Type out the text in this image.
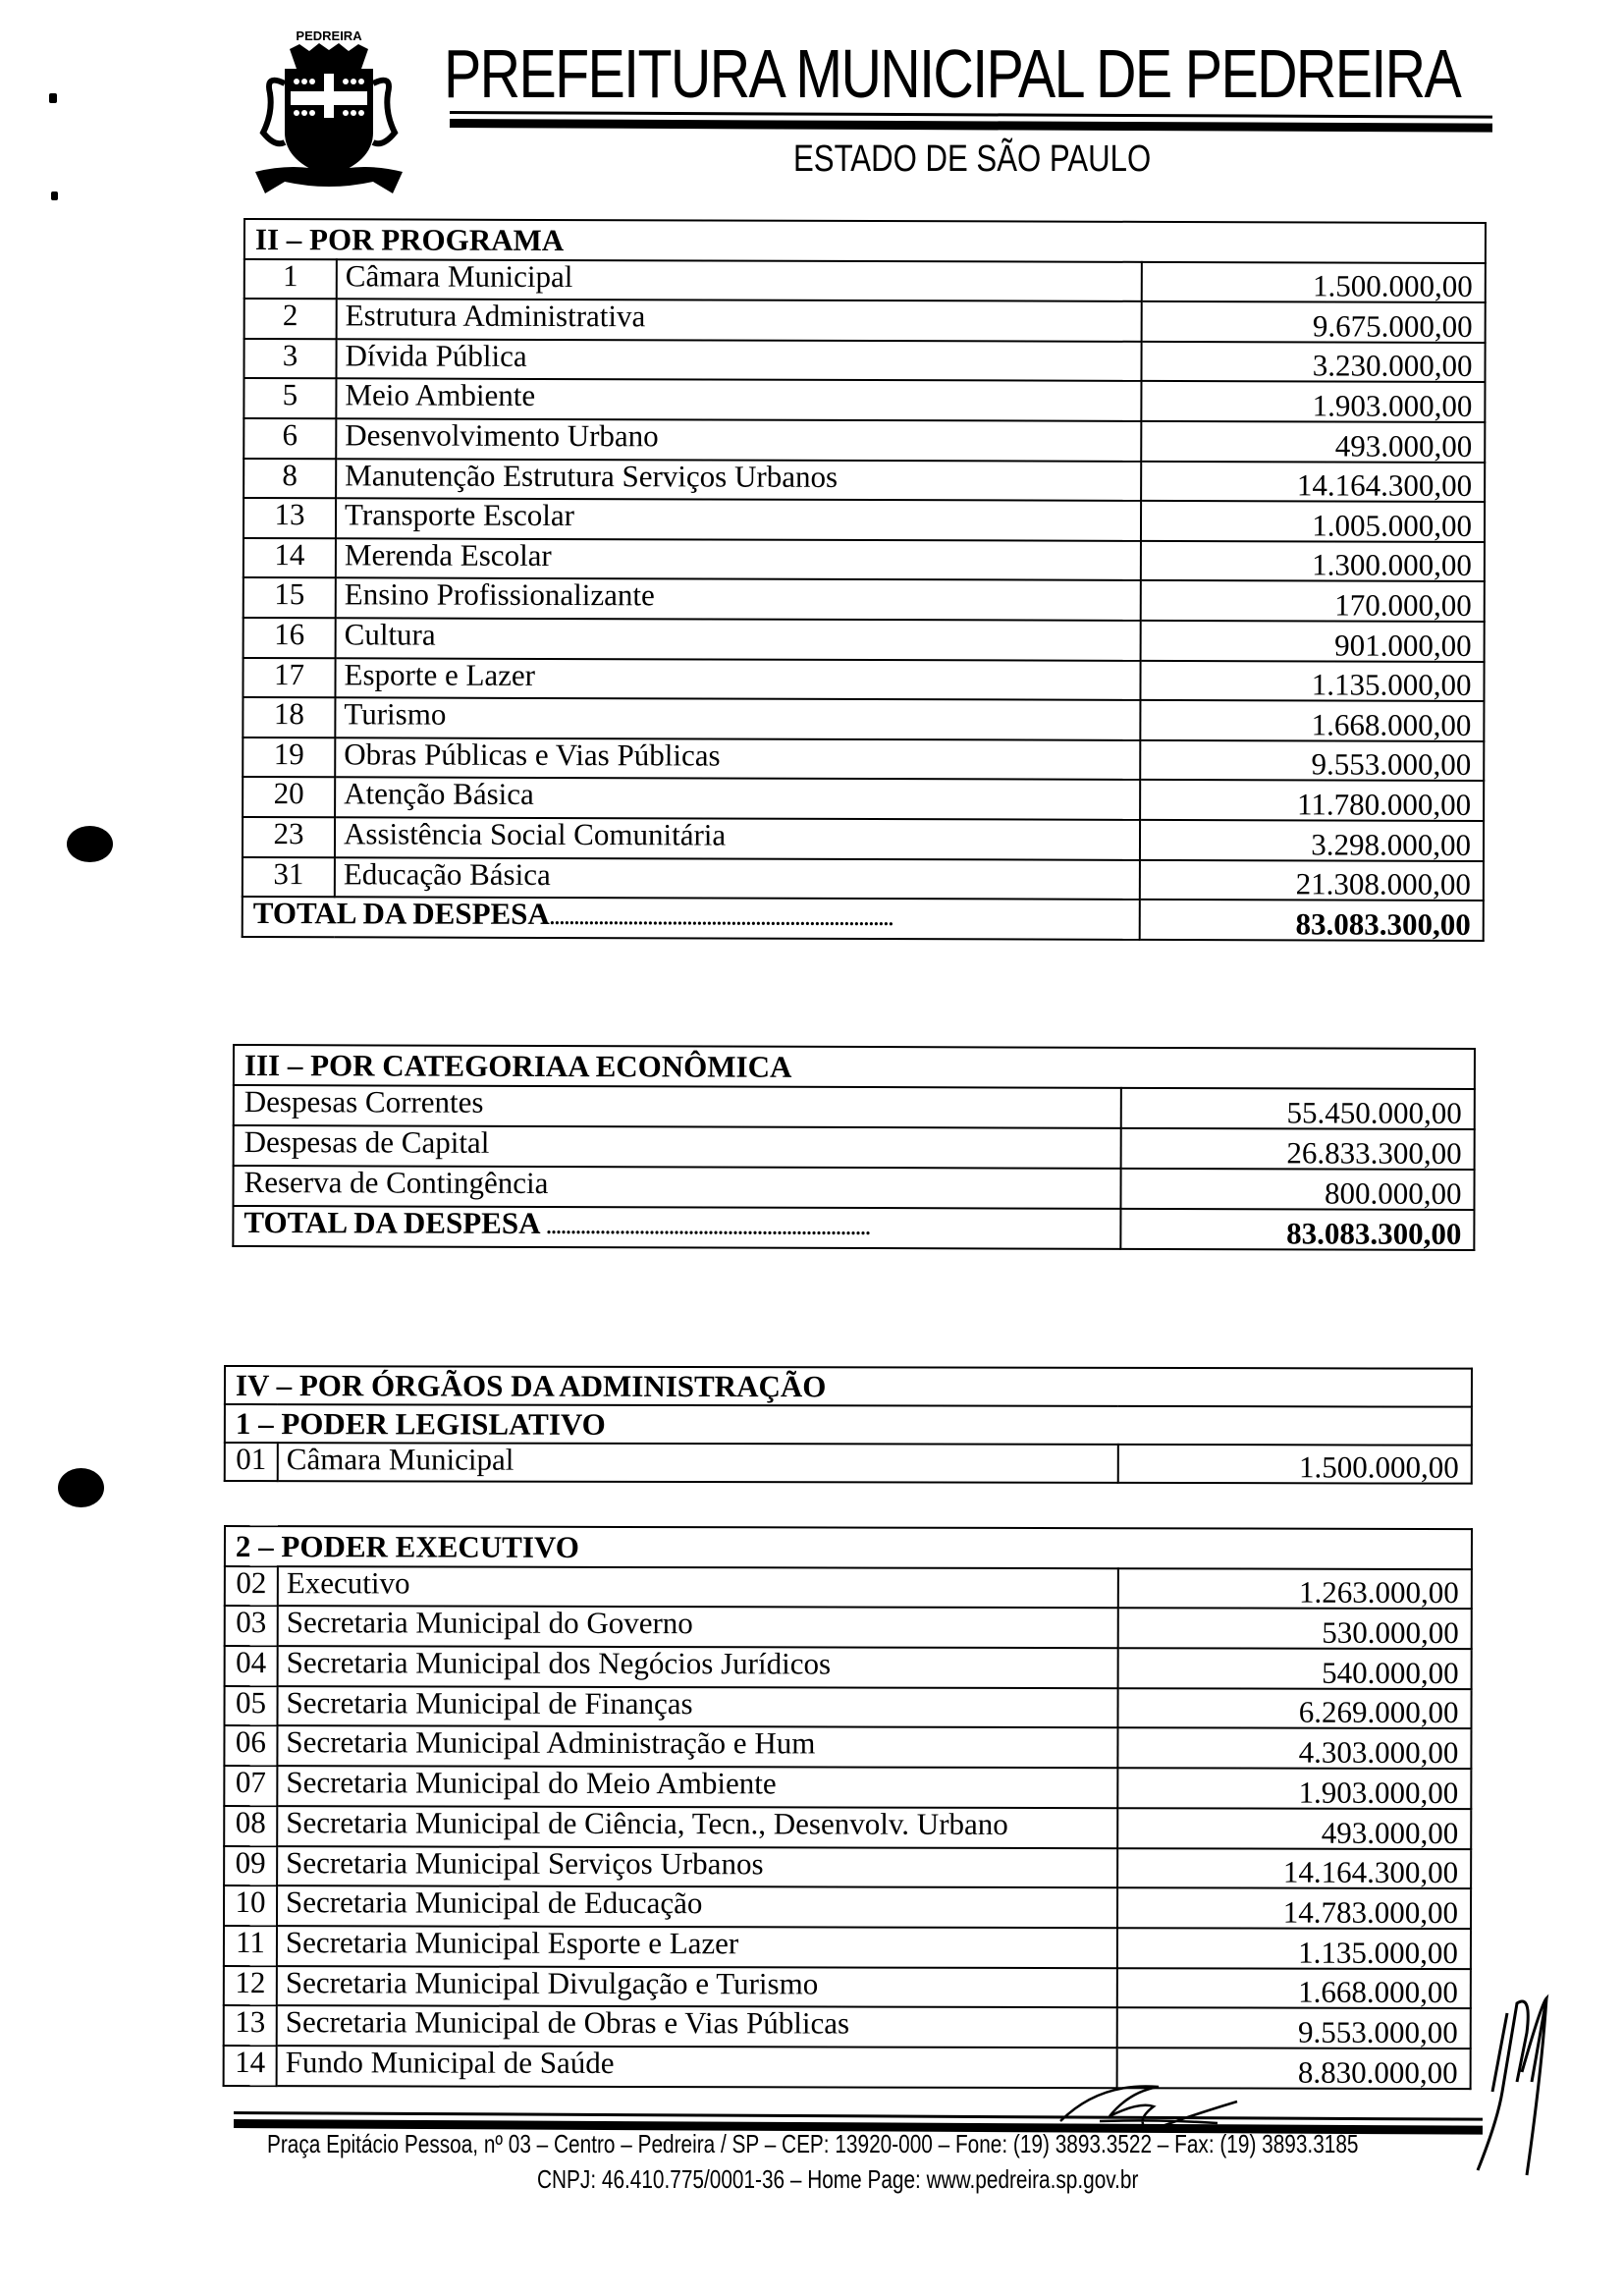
PEDREIRA PREFEITURA MUNICIPAL DE PEDREIRA
ESTADO DE SÃO PAULO
II – POR PROGRAMA		
1	Câmara Municipal	1.500.000,00
2	Estrutura Administrativa	9.675.000,00
3	Dívida Pública	3.230.000,00
5	Meio Ambiente	1.903.000,00
6	Desenvolvimento Urbano	493.000,00
8	Manutenção Estrutura Serviços Urbanos	14.164.300,00
13	Transporte Escolar	1.005.000,00
14	Merenda Escolar	1.300.000,00
15	Ensino Profissionalizante	170.000,00
16	Cultura	901.000,00
17	Esporte e Lazer	1.135.000,00
18	Turismo	1.668.000,00
19	Obras Públicas e Vias Públicas	9.553.000,00
20	Atenção Básica	11.780.000,00
23	Assistência Social Comunitária	3.298.000,00
31	Educação Básica	21.308.000,00
TOTAL DA DESPESA......................................................................		83.083.300,00
III – POR CATEGORIAA ECONÔMICA	
Despesas Correntes	55.450.000,00
Despesas de Capital	26.833.300,00
Reserva de Contingência	800.000,00
TOTAL DA DESPESA ..................................................................	83.083.300,00
IV – POR ÓRGÃOS DA ADMINISTRAÇÃO
1 – PODER LEGISLATIVO
01	Câmara Municipal	1.500.000,00
2 – PODER EXECUTIVO		
02	Executivo	1.263.000,00
03	Secretaria Municipal do Governo	530.000,00
04	Secretaria Municipal dos Negócios Jurídicos	540.000,00
05	Secretaria Municipal de Finanças	6.269.000,00
06	Secretaria Municipal Administração e Hum	4.303.000,00
07	Secretaria Municipal do Meio Ambiente	1.903.000,00
08	Secretaria Municipal de Ciência, Tecn., Desenvolv. Urbano	493.000,00
09	Secretaria Municipal Serviços Urbanos	14.164.300,00
10	Secretaria Municipal de Educação	14.783.000,00
11	Secretaria Municipal Esporte e Lazer	1.135.000,00
12	Secretaria Municipal Divulgação e Turismo	1.668.000,00
13	Secretaria Municipal de Obras e Vias Públicas	9.553.000,00
14	Fundo Municipal de Saúde	8.830.000,00
Praça Epitácio Pessoa, nº 03 – Centro – Pedreira / SP – CEP: 13920-000 – Fone: (19) 3893.3522 – Fax: (19) 3893.3185
CNPJ: 46.410.775/0001-36 – Home Page: www.pedreira.sp.gov.br
